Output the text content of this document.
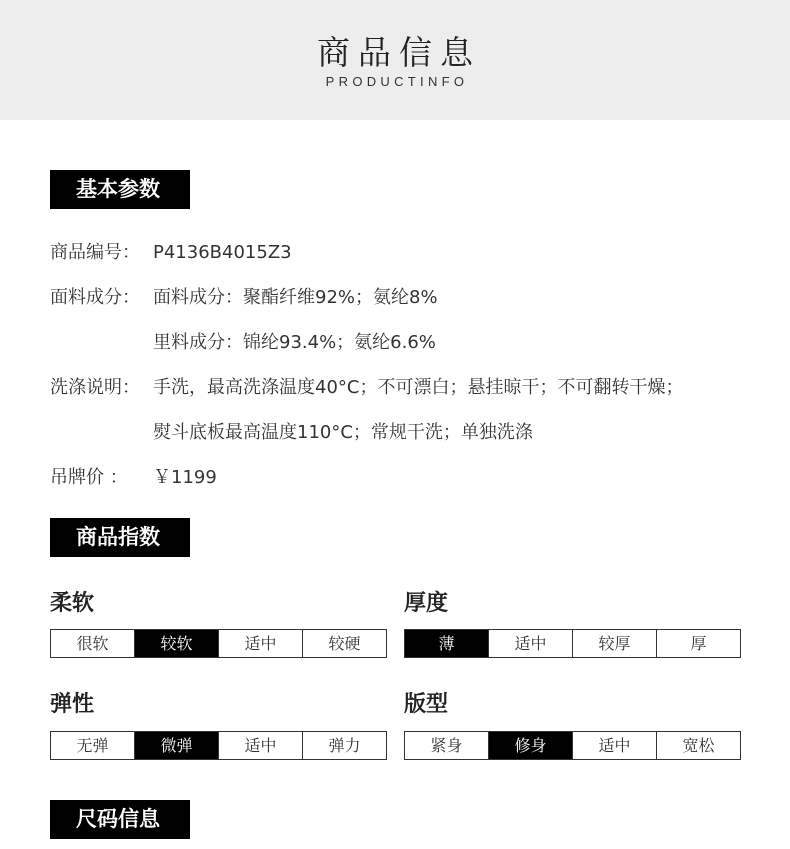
商品信息
PRODUCTINFO
基本参数
商品编号： P4136B4015Z3
面料成分： 面料成分：聚酯纤维92%；氨纶8%
里料成分：锦纶93.4%；氨纶6.6%
洗涤说明： 手洗，最高洗涤温度40°C；不可漂白；悬挂晾干；不可翻转干燥；
熨斗底板最高温度110°C；常规干洗；单独洗涤
吊牌价 ： ￥1199
商品指数
柔软
很软	较软	适中	较硬
厚度
薄	适中	较厚	厚
弹性
无弹	微弹	适中	弹力
版型
紧身	修身	适中	宽松
尺码信息
